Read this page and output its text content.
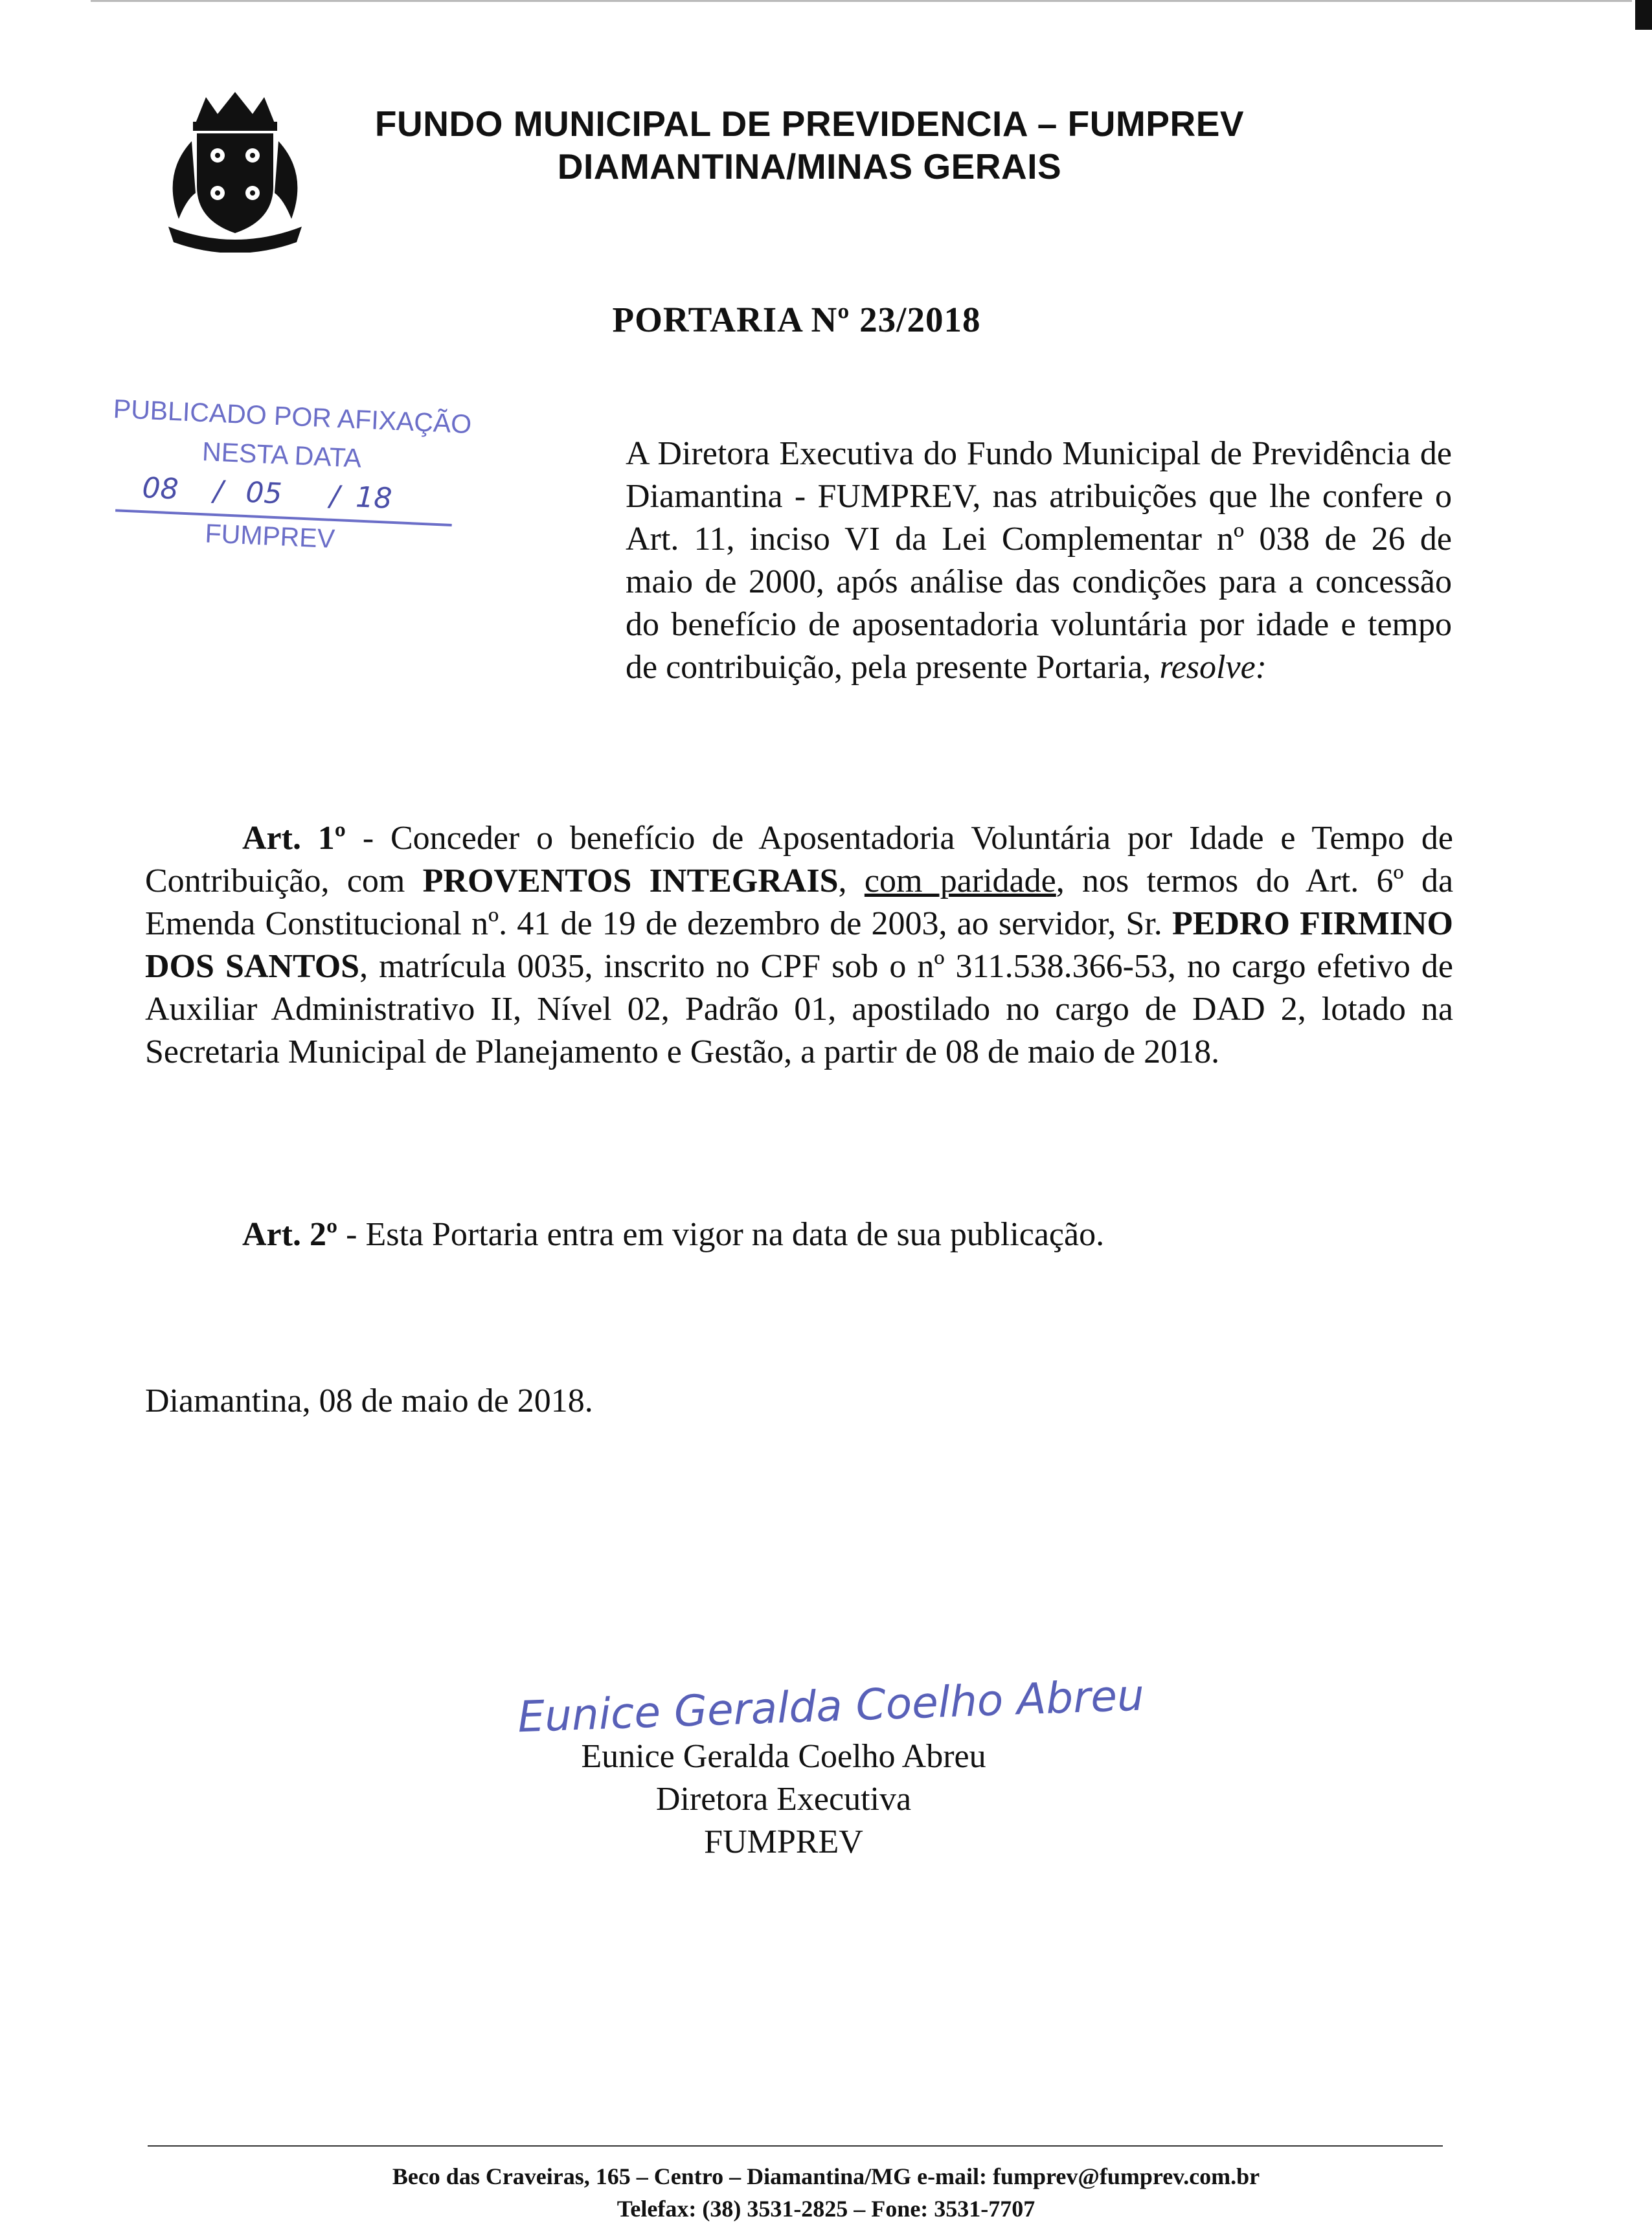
FUNDO MUNICIPAL DE PREVIDENCIA – FUMPREV
DIAMANTINA/MINAS GERAIS
PORTARIA Nº 23/2018
PUBLICADO POR AFIXAÇÃO
NESTA DATA
08 / 05 / 18
FUMPREV
A Diretora Executiva do Fundo Municipal de Previdência de Diamantina - FUMPREV, nas atribuições que lhe confere o Art. 11, inciso VI da Lei Complementar nº 038 de 26 de maio de 2000, após análise das condições para a concessão do benefício de aposentadoria voluntária por idade e tempo de contribuição, pela presente Portaria, resolve:
Art. 1º - Conceder o benefício de Aposentadoria Voluntária por Idade e Tempo de Contribuição, com PROVENTOS INTEGRAIS, com paridade, nos termos do Art. 6º da Emenda Constitucional nº. 41 de 19 de dezembro de 2003, ao servidor, Sr. PEDRO FIRMINO DOS SANTOS, matrícula 0035, inscrito no CPF sob o nº 311.538.366-53, no cargo efetivo de Auxiliar Administrativo II, Nível 02, Padrão 01, apostilado no cargo de DAD 2, lotado na Secretaria Municipal de Planejamento e Gestão, a partir de 08 de maio de 2018.
Art. 2º - Esta Portaria entra em vigor na data de sua publicação.
Diamantina, 08 de maio de 2018.
Eunice Geralda Coelho Abreu
Eunice Geralda Coelho Abreu
Diretora Executiva
FUMPREV
Beco das Craveiras, 165 – Centro – Diamantina/MG e-mail: fumprev@fumprev.com.br
Telefax: (38) 3531-2825 – Fone: 3531-7707
